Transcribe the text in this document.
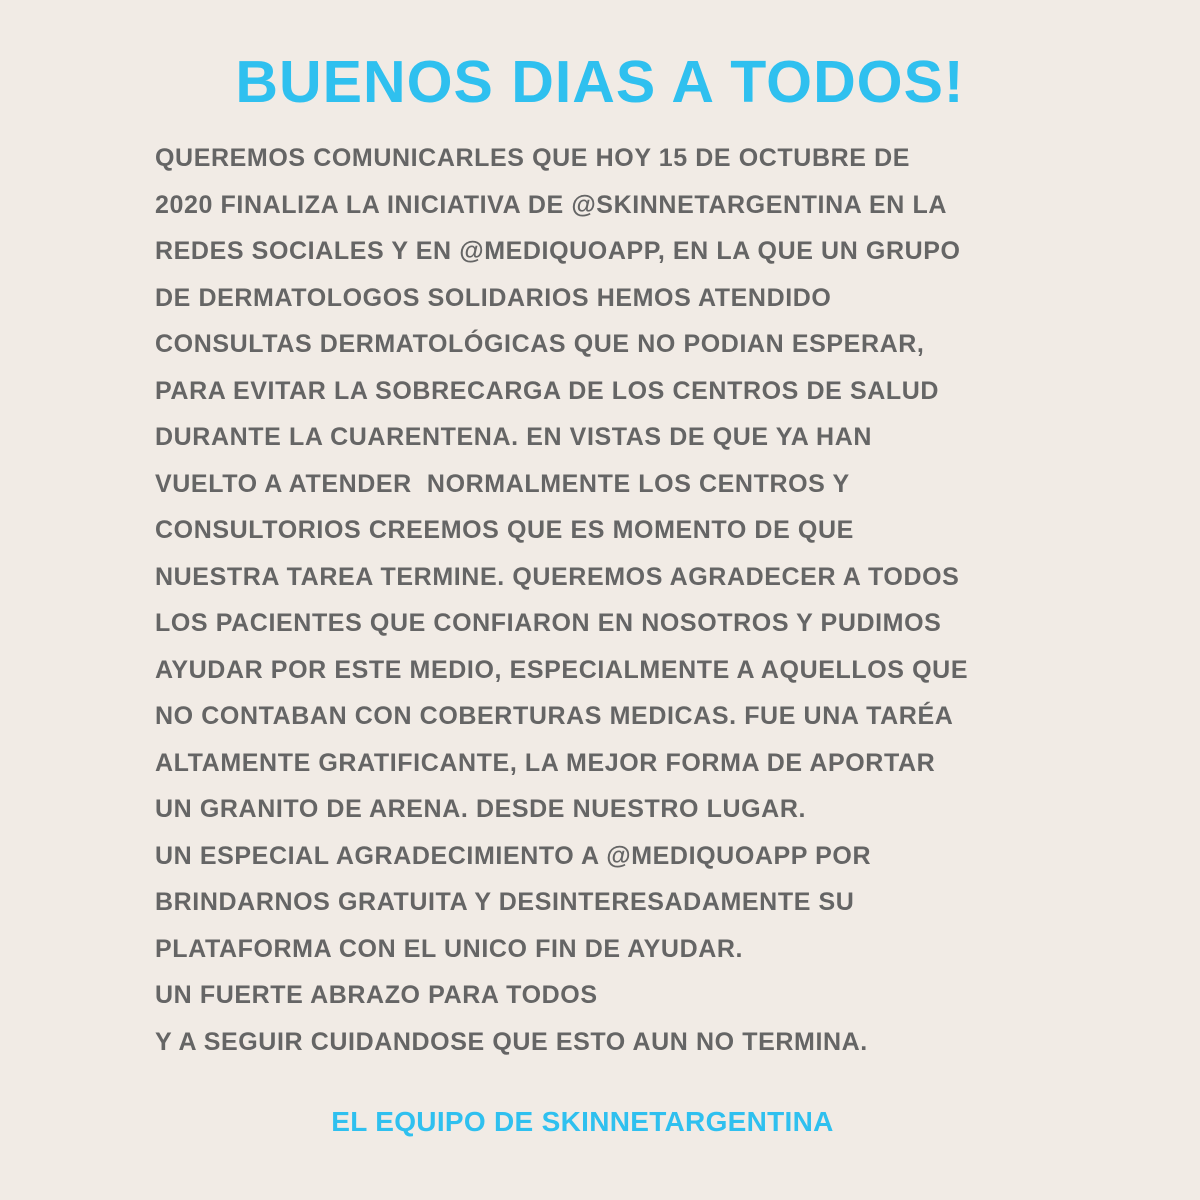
BUENOS DIAS A TODOS!
QUEREMOS COMUNICARLES QUE HOY 15 DE OCTUBRE DE
2020 FINALIZA LA INICIATIVA DE @SKINNETARGENTINA EN LA
REDES SOCIALES Y EN @MEDIQUOAPP, EN LA QUE UN GRUPO
DE DERMATOLOGOS SOLIDARIOS HEMOS ATENDIDO
CONSULTAS DERMATOLÓGICAS QUE NO PODIAN ESPERAR,
PARA EVITAR LA SOBRECARGA DE LOS CENTROS DE SALUD
DURANTE LA CUARENTENA. EN VISTAS DE QUE YA HAN
VUELTO A ATENDER  NORMALMENTE LOS CENTROS Y
CONSULTORIOS CREEMOS QUE ES MOMENTO DE QUE
NUESTRA TAREA TERMINE. QUEREMOS AGRADECER A TODOS
LOS PACIENTES QUE CONFIARON EN NOSOTROS Y PUDIMOS
AYUDAR POR ESTE MEDIO, ESPECIALMENTE A AQUELLOS QUE
NO CONTABAN CON COBERTURAS MEDICAS. FUE UNA TARÉA
ALTAMENTE GRATIFICANTE, LA MEJOR FORMA DE APORTAR
UN GRANITO DE ARENA. DESDE NUESTRO LUGAR.
UN ESPECIAL AGRADECIMIENTO A @MEDIQUOAPP POR
BRINDARNOS GRATUITA Y DESINTERESADAMENTE SU
PLATAFORMA CON EL UNICO FIN DE AYUDAR.
UN FUERTE ABRAZO PARA TODOS
Y A SEGUIR CUIDANDOSE QUE ESTO AUN NO TERMINA.

EL EQUIPO DE SKINNETARGENTINA
